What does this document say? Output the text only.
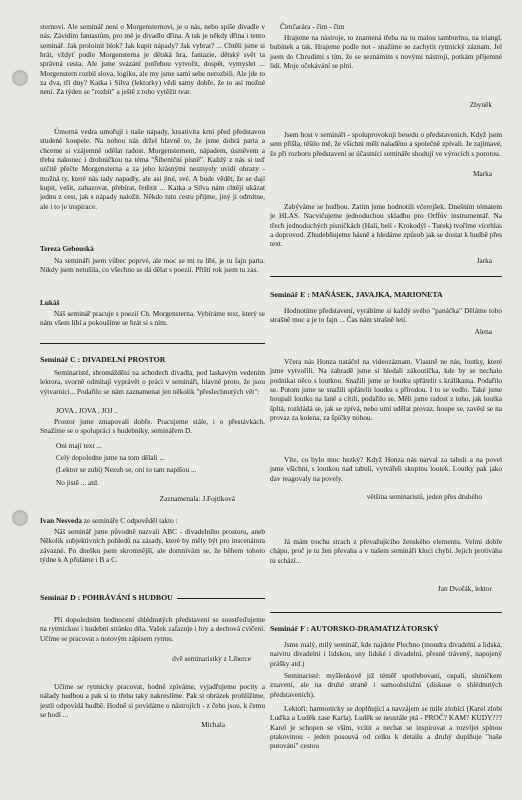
sternovi. Ale seminář není o Morgensternovi, je o nás, nebo spíše divadle v nás. Závidím fantastům, pro mě je divadlo dřina. A tak je někdy dřina i tento seminář. Jak proloinit blok? Jak kupit nápady? Jak vybrat? ... Chtěli jsme si hrát, vždyť podle Morgensterna je dětská hra, fantazie, dětský svět ta správná cesta. Ale jsme svázání potřebou vytvořit, dospět, vymyslet ... Morgenstern rozbil slova, logiku, ale my jsme sami sebe nerozbili. Ale jde to za dva, tři dny? Katka i Silva (lektorky) vědí samy dobře, že to asi možné není. Za týden se "rozbít" a ještě z toho vytěžit tvar.

Úmorná vedra umořují i naše nápady, kreativita krní před představou studené koupele. Na nohou nás držel hlavně to, že jsme dobrá parta a chceme si vzájemně udělat radost. Morgensternem, nápadem, úsměvem a třeba nakonec i drobničkou na téma "Šibeniční písně". Každý z nás si teď určitě přečte Morgensterna a za jeho krásnými nesmysly uvidí obrazy - možná ty, které nás tady napadly, ale asi jiné, své. A bude vědět, že se dají kupit, vešit, zahazovat, přebírat, řetězit ... Katka a Silva nám chtějí ukázat jednu z cest, jak s nápady naložit. Někdo tuto cestu přijme, jiný ji odmítne, ale i to je inspirace.

Tereza Gebouská

Na semináři jsem vůbec poprvé, ale moc se mi tu líbí, je tu fajn parta. Nikdy jsem netušila, co všechno se dá dělat s poezií. Přiští rok jsem tu zas.

Lukáš

Náš seminář pracuje s poezií Ch. Morgensterna. Vybíráme text, který se nám všem líbí a pokoušíme se hrát si s ním.

Seminář C : DIVADELNÍ PROSTOR

Seminaristé, shromáždění na schodech divadla, pod laskavým vedením lektora, svorně odmítají vyprávět o práci v semináři, hlavně proto, že jsou výtvarníci... Podařilo se nám zaznamenat jen několik "přeslechnutých vět":

JOVA , JOVA , JOJ ..

Prostor jsme zmapovali dobře. Pracujeme stále, i o přestávkách. Snažíme se o spolupráci s hudebníky, seminářem D.

Oni mají text ...
Celý dopoledne jsme na tom dělali ...
(Lektor se zubí) Nezub se, oni to tam napíšou ...
No jistě ... atd.

Zaznamenala: J.Fojtíková

Ivan Nesveda ze semináře C odpověděl takto :

Náš seminář jsme původně nazvali ABC - divadelního prostoru, aneb Několik subjektivních pohledů na zásady, které by měly být pro inscenátora závazné. Po dnešku jsem skromnější, ale domnívám se, že během tohoto týdne k A přidáme i B a C.

Seminář D : POHRÁVÁNÍ S HUDBOU

Při dopoledním hodnocení shlédnutých představení se soustřeďujeme na rytmickou i hudební stránku díla. Vašek zafazuje i hry a dechová cvičení. Učíme se pracovat s notovým zápisem rytmu.

dvě seminaristky z Liberce

Učíme se rytmicky pracovat, hodně zpíváme, vyjadřujeme pocity a nálady hudbou a pak si to třeba taky nakreslíme. Pak si obrázek prohlížíme, jestli odpovídá hudbě. Hodně si povídáme o nástrojích - z čeho jsou, k čemu se hodí ...

Michala

Čimčarára - čim - čim

Hrajeme na nástroje, to znamená třeba na tu malou tamburínu, na triangl, bubínek a tak. Hrajeme podle not - snažíme se zachytit rytmický záznam. Jel jsem do Chrudimi s tím, že se seznámím s novými nástroji, potkám příjemné lidi. Moje očekávání se plní.

Zbyněk

Jsem host v semináři - spoluprovokuji besedu o představeních. Když jsem sem přišla, těšilo mě, že všichni měli naladěno a společně zpívali. Je zajímavé, že při rozboru představení se účastníci semináře shodují ve výrocích s porotou.

Marka

Zabýváme se hudbou. Zatím jsme hodnotili včerejšek. Dnešním tématem je HLAS. Nacvičujeme jednoduchou skladbu pro Orffův instrumentář. Na třech jednoduchých písničkách (Halí, belí - Krokodýl - Turek) tvoříme vícehlas a doprovod. Zhudebňujeme básně a hledáme způsob jak se dostat k hudbě přes text.

Jarka

Seminář E : MAŇÁSEK, JAVAJKA, MARIONETA

Hodnotíme představení, vyrábíme si každý svého "panáčka" Děláme toho strašně moc a je to fajn ... Čas nám strašně letí.

Alena

Včera nás Honza natáčel na videozáznam. Vlastně ne nás, loutky, které jsme vytvořili. Na zahradě jsme si hledali zákoutíčka, kde by se nechalo podnikat něco s loutkou. Snažili jsme se loutku spřátelit s králíkama. Podařilo se. Potom jsme se snažili spřátelit loutku s přírodou. I to se vedlo. Také jsme houpali loutku na laně a cítili, podařilo se. Měli jsme radost z toho, jak loutka špltá, rozkládá se, jak se zpívá, nebo umí udělat provaz, houpe se, zavěsí se na provaz za kolena, za špičky nohou.

Víte, co bylo moc hezký? Když Honza nás narval za tabuli a na povel jsme všichni, s loutkou nad tabulí, vytvářeli skupinu loutek. Loutky pak jako dav reagovaly na povely.

většina seminaristů, jeden přes druhého

Já mám trochu strach z převažujícího ženského elementu. Velmi dobře chápu, proč je tu žen převaha a v našem semináři kluci chybí. Jejich protiváha tu schází...

Jan Dvořák, lektor

Seminář F : AUTORSKO-DRAMATIZÁTORSKÝ

Jsme malý, milý seminář, kde najdete Plechno (moudra divadelní a lidská, naivitu divadelní i lidskou, sny lidské i divadelní, přesně trávený, napojený prášky atd.)

Seminaristé: myšlenkově již téměř spotřebovaní, ospalí, sluníčkem znavení, ale na druhé straně i samoobslužní (diskuse o shlédnutých představeních).

Lektoři: harmonicky se doplňující a navzájem se mile zlobící (Karel zlobí Luďka a Luděk zase Karla). Luděk se neustále ptá - PROČ? KAM? KUDY??? Karel je schopen se vším, vcítit a nechat se inspirovat a rozvíjet spínou ptakovinou - jeden posouvá od celku k detailu a druhý doplňuje "naše putování" cestou
